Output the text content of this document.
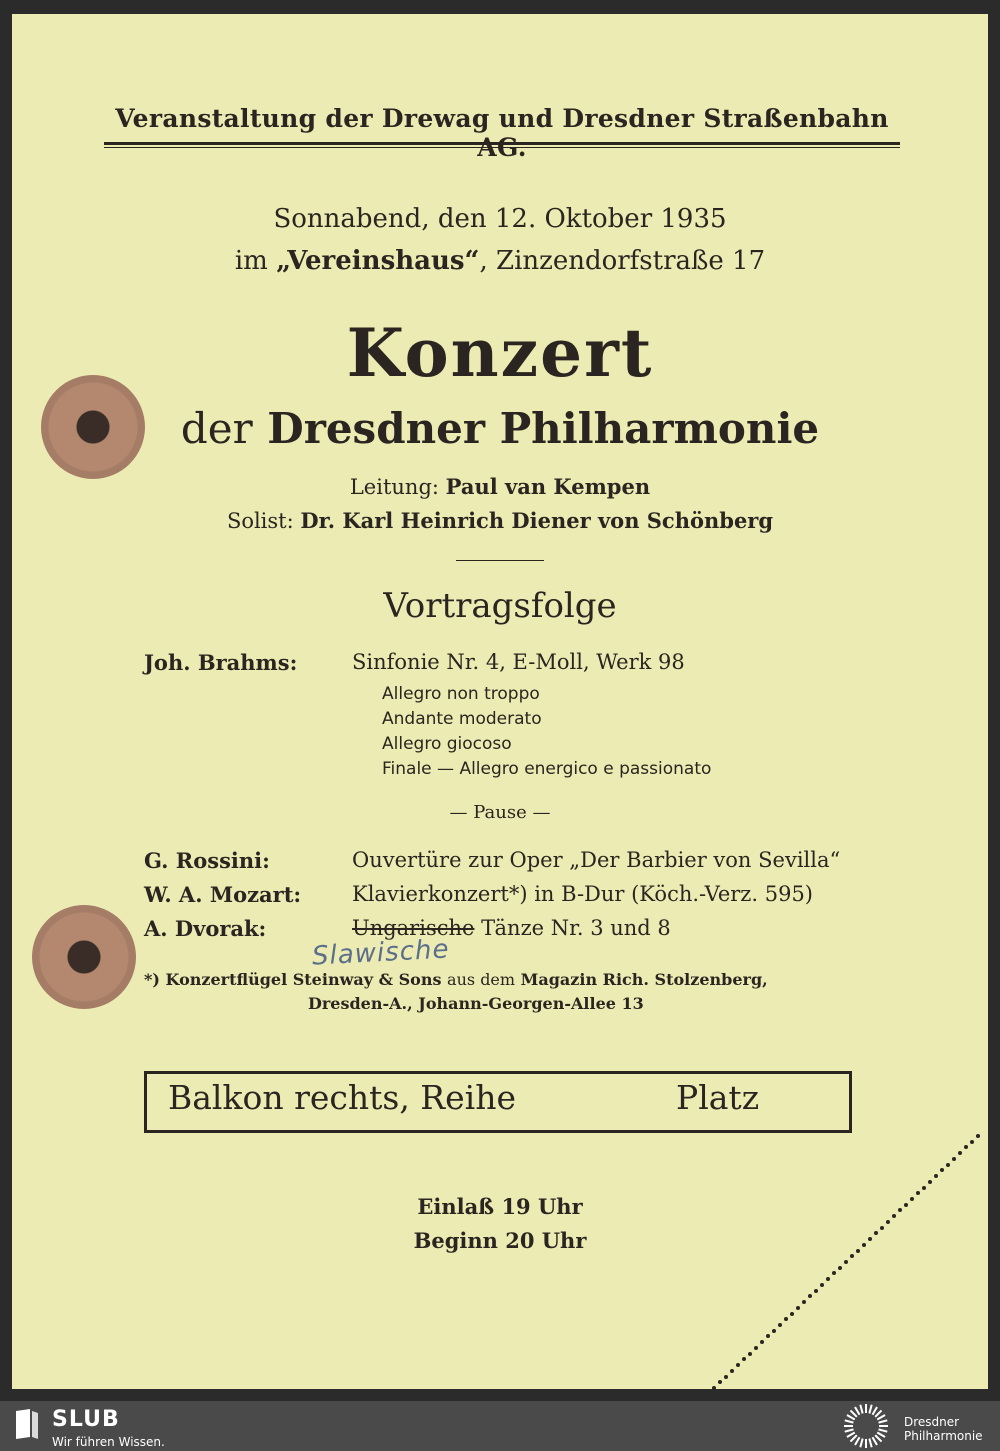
Veranstaltung der Drewag und Dresdner Straßenbahn
Sonnabend, den 12. Oktober 1935
im „Vereinshaus“, Zinzendorfstraße 17
Konzert
der Dresdner Philharmonie
Leitung: Paul van Kempen
Solist: Dr. Karl Heinrich Diener von Schönberg
Vortragsfolge
Joh. Brahms:	Sinfonie Nr. 4, E-Moll, Werk 98
Allegro non troppo
Andante moderato
Allegro giocoso
Finale — Allegro energico e passionato
— Pause —
G. Rossini:	Ouvertüre zur Oper „Der Barbier von Sevilla“
W. A. Mozart: Klavierkonzert*) in B-Dur (Köch.-Verz. 595)
A. Dvorak:	Ungarische Tänze Nr. 3 und 8
Slawische
*) Konzertflügel Steinway & Sons aus dem Magazin Rich. Stolzenberg,
Dresden-A., Johann-Georgen-Allee 13
Balkon rechts, Reihe	Platz
Einlaß 19 Uhr
Beginn 20 Uhr
SLUB
Wir führen Wissen.
Dresdner
Philharmonie
